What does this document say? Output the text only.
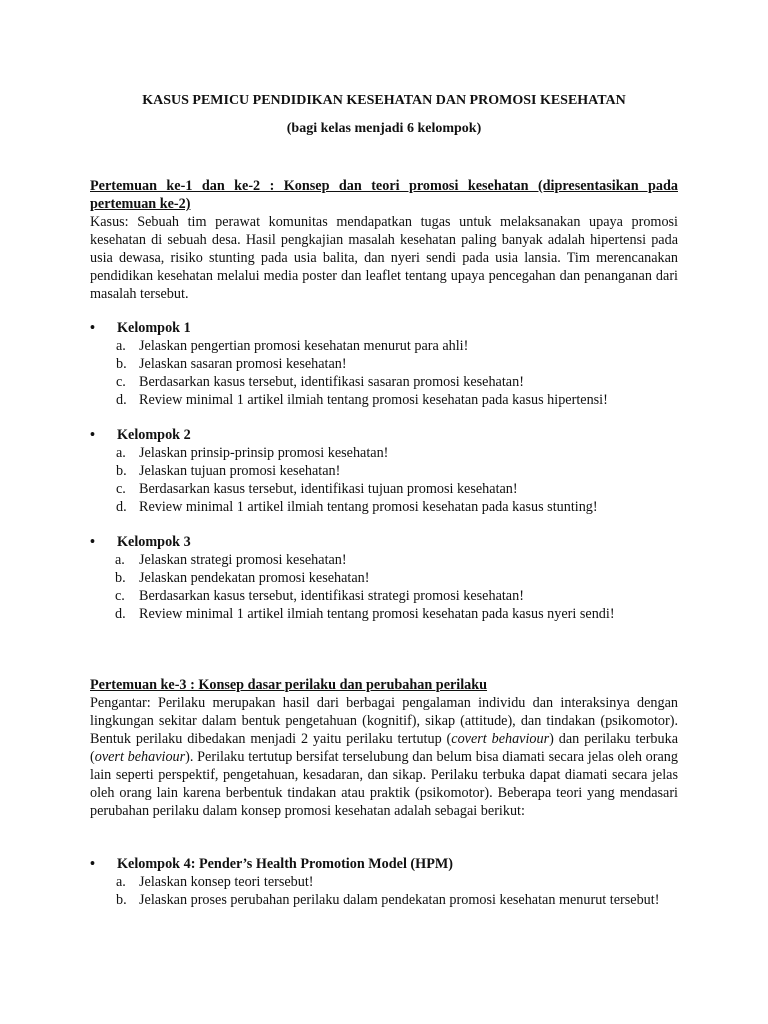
KASUS PEMICU PENDIDIKAN KESEHATAN DAN PROMOSI KESEHATAN
(bagi kelas menjadi 6 kelompok)

Pertemuan ke-1 dan ke-2 : Konsep dan teori promosi kesehatan (dipresentasikan pada pertemuan ke-2)

Kasus: Sebuah tim perawat komunitas mendapatkan tugas untuk melaksanakan upaya promosi kesehatan di sebuah desa. Hasil pengkajian masalah kesehatan paling banyak adalah hipertensi pada usia dewasa, risiko stunting pada usia balita, dan nyeri sendi pada usia lansia. Tim merencanakan pendidikan kesehatan melalui media poster dan leaflet tentang upaya pencegahan dan penanganan dari masalah tersebut.

• Kelompok 1

a. Jelaskan pengertian promosi kesehatan menurut para ahli!
b. Jelaskan sasaran promosi kesehatan!
c. Berdasarkan kasus tersebut, identifikasi sasaran promosi kesehatan!
d. Review minimal 1 artikel ilmiah tentang promosi kesehatan pada kasus hipertensi!

• Kelompok 2

a. Jelaskan prinsip-prinsip promosi kesehatan!
b. Jelaskan tujuan promosi kesehatan!
c. Berdasarkan kasus tersebut, identifikasi tujuan promosi kesehatan!
d. Review minimal 1 artikel ilmiah tentang promosi kesehatan pada kasus stunting!

• Kelompok 3

a. Jelaskan strategi promosi kesehatan!
b. Jelaskan pendekatan promosi kesehatan!
c. Berdasarkan kasus tersebut, identifikasi strategi promosi kesehatan!
d. Review minimal 1 artikel ilmiah tentang promosi kesehatan pada kasus nyeri sendi!

Pertemuan ke-3 : Konsep dasar perilaku dan perubahan perilaku

Pengantar: Perilaku merupakan hasil dari berbagai pengalaman individu dan interaksinya dengan lingkungan sekitar dalam bentuk pengetahuan (kognitif), sikap (attitude), dan tindakan (psikomotor). Bentuk perilaku dibedakan menjadi 2 yaitu perilaku tertutup (covert behaviour) dan perilaku terbuka (overt behaviour). Perilaku tertutup bersifat terselubung dan belum bisa diamati secara jelas oleh orang lain seperti perspektif, pengetahuan, kesadaran, dan sikap. Perilaku terbuka dapat diamati secara jelas oleh orang lain karena berbentuk tindakan atau praktik (psikomotor). Beberapa teori yang mendasari perubahan perilaku dalam konsep promosi kesehatan adalah sebagai berikut:

• Kelompok 4: Pender’s Health Promotion Model (HPM)

a. Jelaskan konsep teori tersebut!
b. Jelaskan proses perubahan perilaku dalam pendekatan promosi kesehatan menurut tersebut!
